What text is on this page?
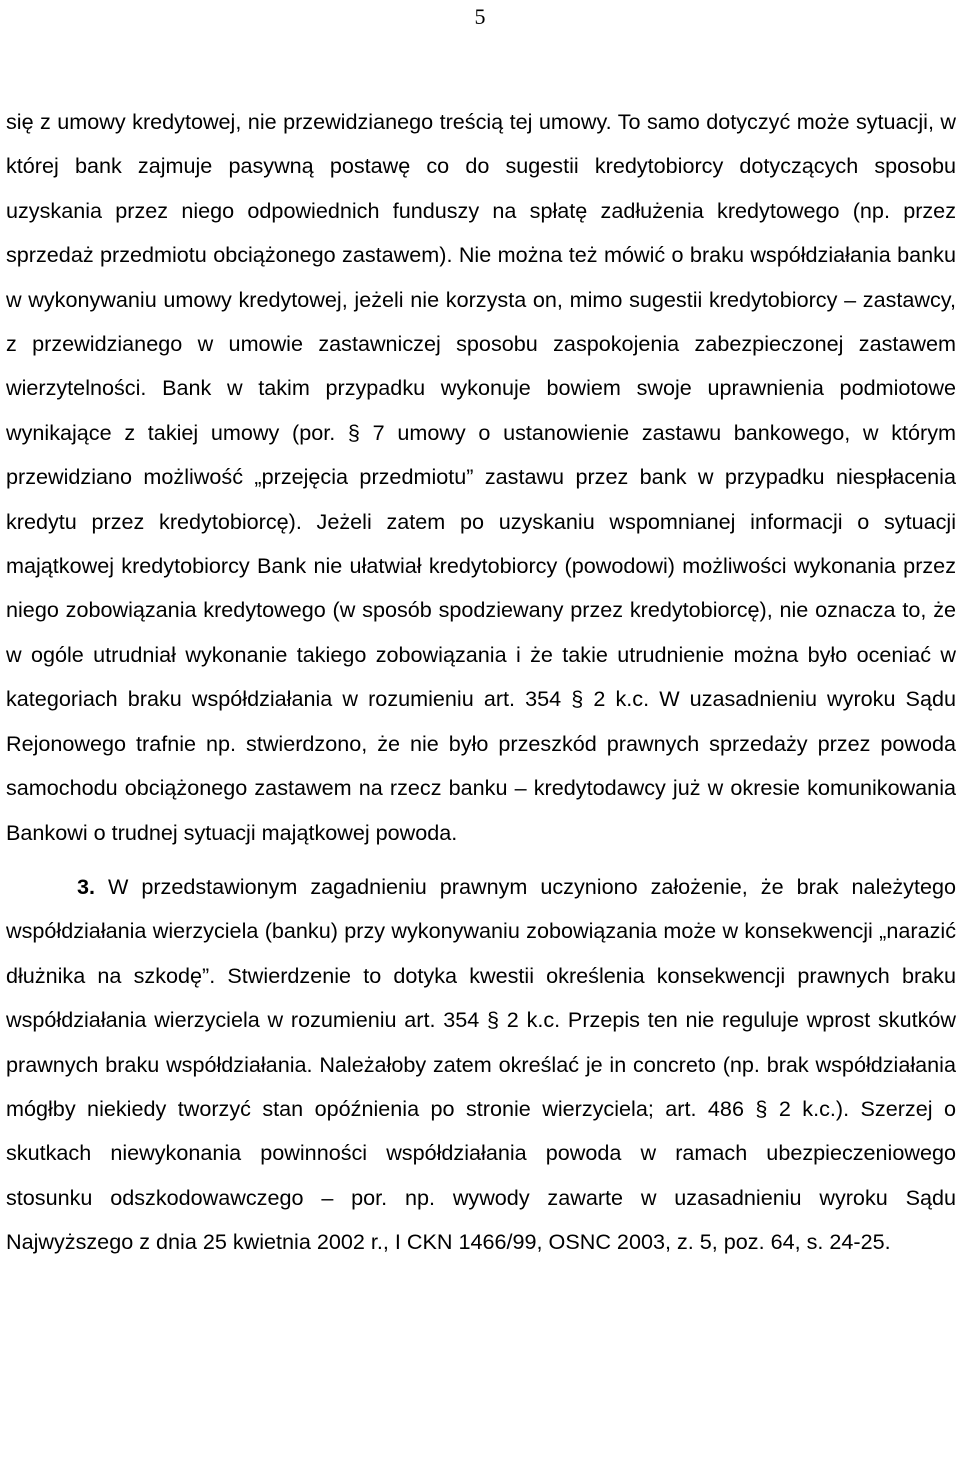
5

się z umowy kredytowej, nie przewidzianego treścią tej umowy. To samo dotyczyć może sytuacji, w której bank zajmuje pasywną postawę co do sugestii kredytobiorcy dotyczących sposobu uzyskania przez niego odpowiednich funduszy na spłatę zadłużenia kredytowego (np. przez sprzedaż przedmiotu obciążonego zastawem). Nie można też mówić o braku współdziałania banku w wykonywaniu umowy kredytowej, jeżeli nie korzysta on, mimo sugestii kredytobiorcy – zastawcy, z przewidzianego w umowie zastawniczej sposobu zaspokojenia zabezpieczonej zastawem wierzytelności. Bank w takim przypadku wykonuje bowiem swoje uprawnienia podmiotowe wynikające z takiej umowy (por. § 7 umowy o ustanowienie zastawu bankowego, w którym przewidziano możliwość „przejęcia przedmiotu” zastawu przez bank w przypadku niespłacenia kredytu przez kredytobiorcę). Jeżeli zatem po uzyskaniu wspomnianej informacji o sytuacji majątkowej kredytobiorcy Bank nie ułatwiał kredytobiorcy (powodowi) możliwości wykonania przez niego zobowiązania kredytowego (w sposób spodziewany przez kredytobiorcę), nie oznacza to, że w ogóle utrudniał wykonanie takiego zobowiązania i że takie utrudnienie można było oceniać w kategoriach braku współdziałania w rozumieniu art. 354 § 2 k.c. W uzasadnieniu wyroku Sądu Rejonowego trafnie np. stwierdzono, że nie było przeszkód prawnych sprzedaży przez powoda samochodu obciążonego zastawem na rzecz banku – kredytodawcy już w okresie komunikowania Bankowi o trudnej sytuacji majątkowej powoda.

3. W przedstawionym zagadnieniu prawnym uczyniono założenie, że brak należytego współdziałania wierzyciela (banku) przy wykonywaniu zobowiązania może w konsekwencji „narazić dłużnika na szkodę”. Stwierdzenie to dotyka kwestii określenia konsekwencji prawnych braku współdziałania wierzyciela w rozumieniu art. 354 § 2 k.c. Przepis ten nie reguluje wprost skutków prawnych braku współdziałania. Należałoby zatem określać je in concreto (np. brak współdziałania mógłby niekiedy tworzyć stan opóźnienia po stronie wierzyciela; art. 486 § 2 k.c.). Szerzej o skutkach niewykonania powinności współdziałania powoda w ramach ubezpieczeniowego stosunku odszkodowawczego – por. np. wywody zawarte w uzasadnieniu wyroku Sądu Najwyższego z dnia 25 kwietnia 2002 r., I CKN 1466/99, OSNC 2003, z. 5, poz. 64, s. 24-25.
